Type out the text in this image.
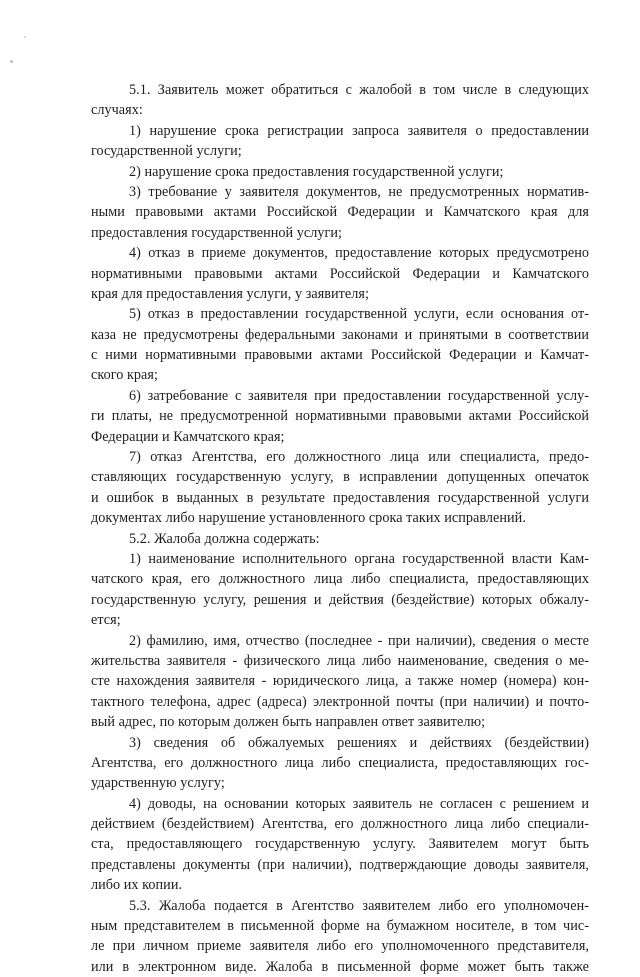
5.1. Заявитель может обратиться с жалобой в том числе в следующих
случаях:
1) нарушение срока регистрации запроса заявителя о предоставлении
государственной услуги;
2) нарушение срока предоставления государственной услуги;
3) требование у заявителя документов, не предусмотренных норматив-
ными правовыми актами Российской Федерации и Камчатского края для
предоставления государственной услуги;
4) отказ в приеме документов, предоставление которых предусмотрено
нормативными правовыми актами Российской Федерации и Камчатского
края для предоставления услуги, у заявителя;
5) отказ в предоставлении государственной услуги, если основания от-
каза не предусмотрены федеральными законами и принятыми в соответствии
с ними нормативными правовыми актами Российской Федерации и Камчат-
ского края;
6) затребование с заявителя при предоставлении государственной услу-
ги платы, не предусмотренной нормативными правовыми актами Российской
Федерации и Камчатского края;
7) отказ Агентства, его должностного лица или специалиста, предо-
ставляющих государственную услугу, в исправлении допущенных опечаток
и ошибок в выданных в результате предоставления государственной услуги
документах либо нарушение установленного срока таких исправлений.
5.2. Жалоба должна содержать:
1) наименование исполнительного органа государственной власти Кам-
чатского края, его должностного лица либо специалиста, предоставляющих
государственную услугу, решения и действия (бездействие) которых обжалу-
ется;
2) фамилию, имя, отчество (последнее - при наличии), сведения о месте
жительства заявителя - физического лица либо наименование, сведения о ме-
сте нахождения заявителя - юридического лица, а также номер (номера) кон-
тактного телефона, адрес (адреса) электронной почты (при наличии) и почто-
вый адрес, по которым должен быть направлен ответ заявителю;
3) сведения об обжалуемых решениях и действиях (бездействии)
Агентства, его должностного лица либо специалиста, предоставляющих гос-
ударственную услугу;
4) доводы, на основании которых заявитель не согласен с решением и
действием (бездействием) Агентства, его должностного лица либо специали-
ста, предоставляющего государственную услугу. Заявителем могут быть
представлены документы (при наличии), подтверждающие доводы заявителя,
либо их копии.
5.3. Жалоба подается в Агентство заявителем либо его уполномочен-
ным представителем в письменной форме на бумажном носителе, в том чис-
ле при личном приеме заявителя либо его уполномоченного представителя,
или в электронном виде. Жалоба в письменной форме может быть также
